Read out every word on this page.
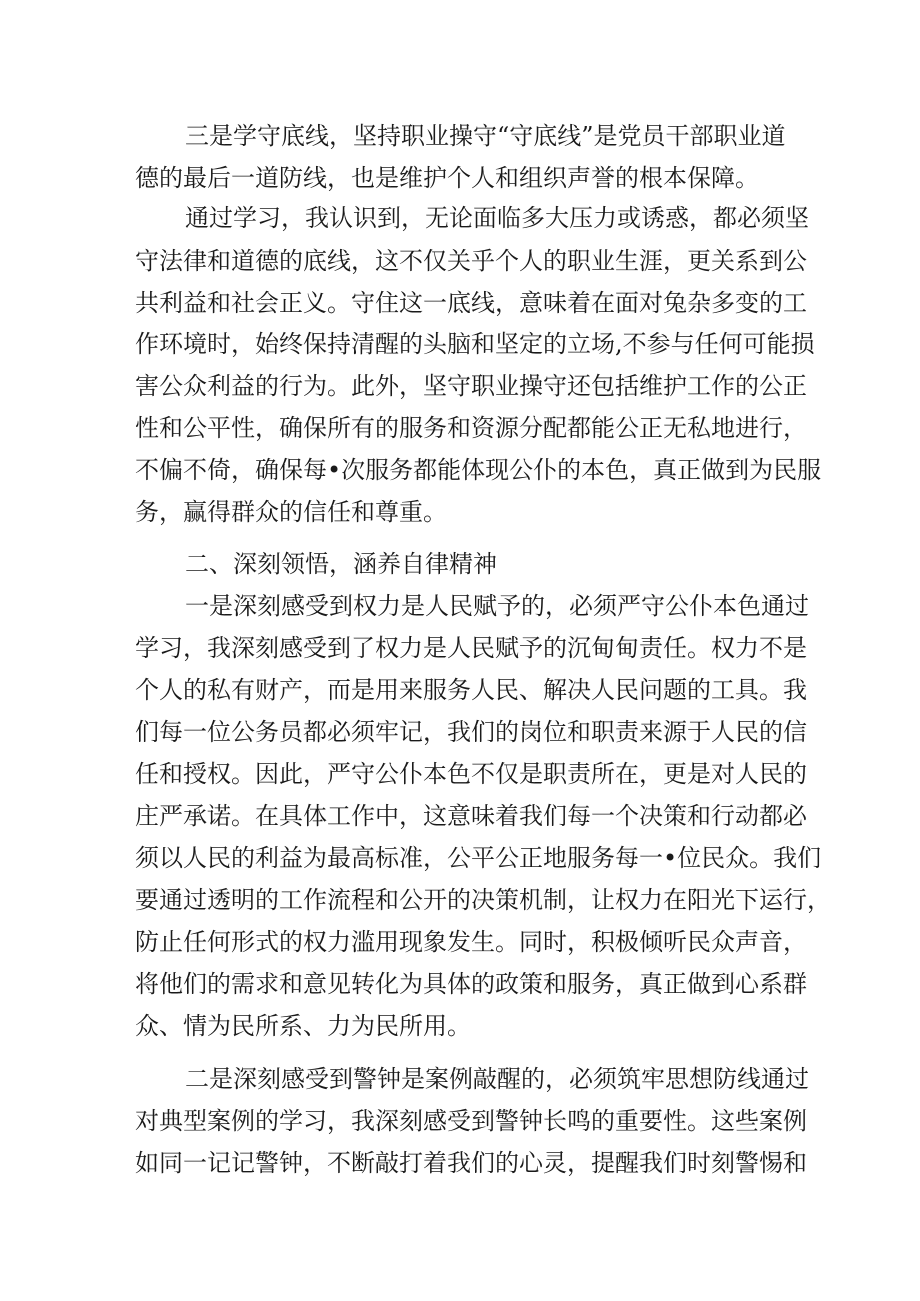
三是学守底线，坚持职业操守“守底线”是党员干部职业道
德的最后一道防线，也是维护个人和组织声誉的根本保障。
通过学习，我认识到，无论面临多大压力或诱惑，都必须坚
守法律和道德的底线，这不仅关乎个人的职业生涯，更关系到公
共利益和社会正义。守住这一底线，意味着在面对兔杂多变的工
作环境时，始终保持清醒的头脑和坚定的立场,不参与任何可能损
害公众利益的行为。此外，坚守职业操守还包括维护工作的公正
性和公平性，确保所有的服务和资源分配都能公正无私地进行，
不偏不倚，确保每•次服务都能体现公仆的本色，真正做到为民服
务，赢得群众的信任和尊重。
二、深刻领悟，涵养自律精神
一是深刻感受到权力是人民赋予的，必须严守公仆本色通过
学习，我深刻感受到了权力是人民赋予的沉甸甸责任。权力不是
个人的私有财产，而是用来服务人民、解决人民问题的工具。我
们每一位公务员都必须牢记，我们的岗位和职责来源于人民的信
任和授权。因此，严守公仆本色不仅是职责所在，更是对人民的
庄严承诺。在具体工作中，这意味着我们每一个决策和行动都必
须以人民的利益为最高标准，公平公正地服务每一•位民众。我们
要通过透明的工作流程和公开的决策机制，让权力在阳光下运行，
防止任何形式的权力滥用现象发生。同时，积极倾听民众声音，
将他们的需求和意见转化为具体的政策和服务，真正做到心系群
众、情为民所系、力为民所用。
二是深刻感受到警钟是案例敲醒的，必须筑牢思想防线通过
对典型案例的学习，我深刻感受到警钟长鸣的重要性。这些案例
如同一记记警钟，不断敲打着我们的心灵，提醒我们时刻警惕和
